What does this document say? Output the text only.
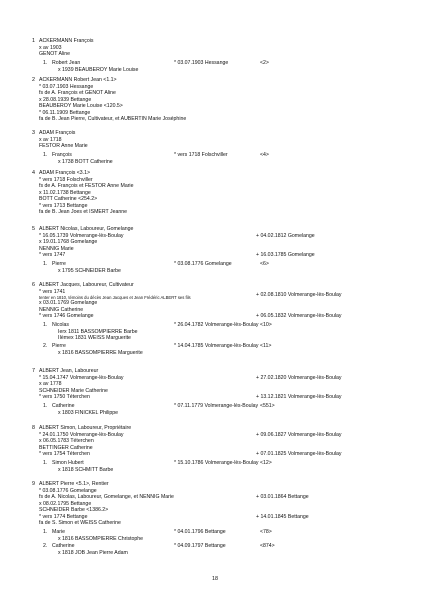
1 ACKERMANN François
x av 1903
GENOT Aline
1. Robert Jean	* 03.07.1903 Hessange	<2>
x 1939 BEAUBEROY Marie Louise
2 ACKERMANN Robert Jean <1.1>
* 03.07.1903 Hessange
fs de A. François et GENOT Aline
x 28.08.1939 Bettange
BEAUBEROY Marie Louise <120.5>
* 06.11.1909 Bettange
fa de B. Jean Pierre, Cultivateur, et AUBERTIN Marie Joséphine
3 ADAM François
x av 1718
FESTOR Anne Marie
1. François	* vers 1718 Folschviller	<4>
x 1738 BOTT Catherine
4 ADAM François <3.1>
* vers 1718 Folschviller
fs de A. François et FESTOR Anne Marie
x 11.02.1738 Bettange
BOTT Catherine <254.2>
* vers 1713 Bettange
fa de B. Jean Joes et ISMERT Jeanne
5 ALBERT Nicolas, Laboureur, Gomelange
* 16.05.1739 Volmerange-lès-Boulay	+ 04.02.1812 Gomelange
x 19.01.1768 Gomelange
NENNIG Marie
* vers 1747	+ 16.03.1785 Gomelange
1. Pierre	* 03.08.1776 Gomelange	<6>
x 1795 SCHNEIDER Barbe
6 ALBERT Jacques, Laboureur, Cultivateur
* vers 1741
+ 02.08.1810 Volmerange-lès-Boulay
tenter en 1810, témoins du décès Jean Jacques et Jean Frédéric ALBERT ses fils
x 03.01.1769 Gomelange
NENNIG Catherine
* vers 1746 Gomelange	+ 06.05.1832 Volmerange-lès-Boulay
1. Nicolas	* 26.04.1782 Volmerange-lès-Boulay <10>
Ierx 1811 BASSOMPIERRE Barbe
IIèmex 1831 WEISS Marguerite
2. Pierre	* 14.04.1785 Volmerange-lès-Boulay <11>
x 1816 BASSOMPIERRE Marguerite
7 ALBERT Jean, Laboureur
* 15.04.1747 Volmerange-lès-Boulay	+ 27.02.1820 Volmerange-lès-Boulay
x av 1778
SCHNEIDER Marie Catherine
* vers 1750 Téterchen	+ 13.12.1821 Volmerange-lès-Boulay
1. Catherine	* 07.11.1779 Volmerange-lès-Boulay <551>
x 1803 FINICKEL Philippe
8 ALBERT Simon, Laboureur, Propriétaire
* 24.01.1750 Volmerange-lès-Boulay	+ 09.06.1827 Volmerange-lès-Boulay
x 06.05.1783 Téterchen
BETTINGER Catherine
* vers 1754 Téterchen	+ 07.01.1825 Volmerange-lès-Boulay
1. Simon Hubert	* 15.10.1786 Volmerange-lès-Boulay <12>
x 1818 SCHMITT Barbe
9 ALBERT Pierre <5.1>, Rentier
* 03.08.1776 Gomelange
fs de A. Nicolas, Laboureur, Gomelange, et NENNIG Marie	+ 03.01.1864 Bettange
x 08.02.1795 Bettange
SCHNEIDER Barbe <1386.2>
* vers 1774 Bettange	+ 14.01.1845 Bettange
fa de S. Simon et WEISS Catherine
1. Marie	* 04.01.1796 Bettange	<78>
x 1816 BASSOMPIERRE Christophe
2. Catherine	* 04.09.1797 Bettange	<874>
x 1818 JOB Jean Pierre Adam
18
